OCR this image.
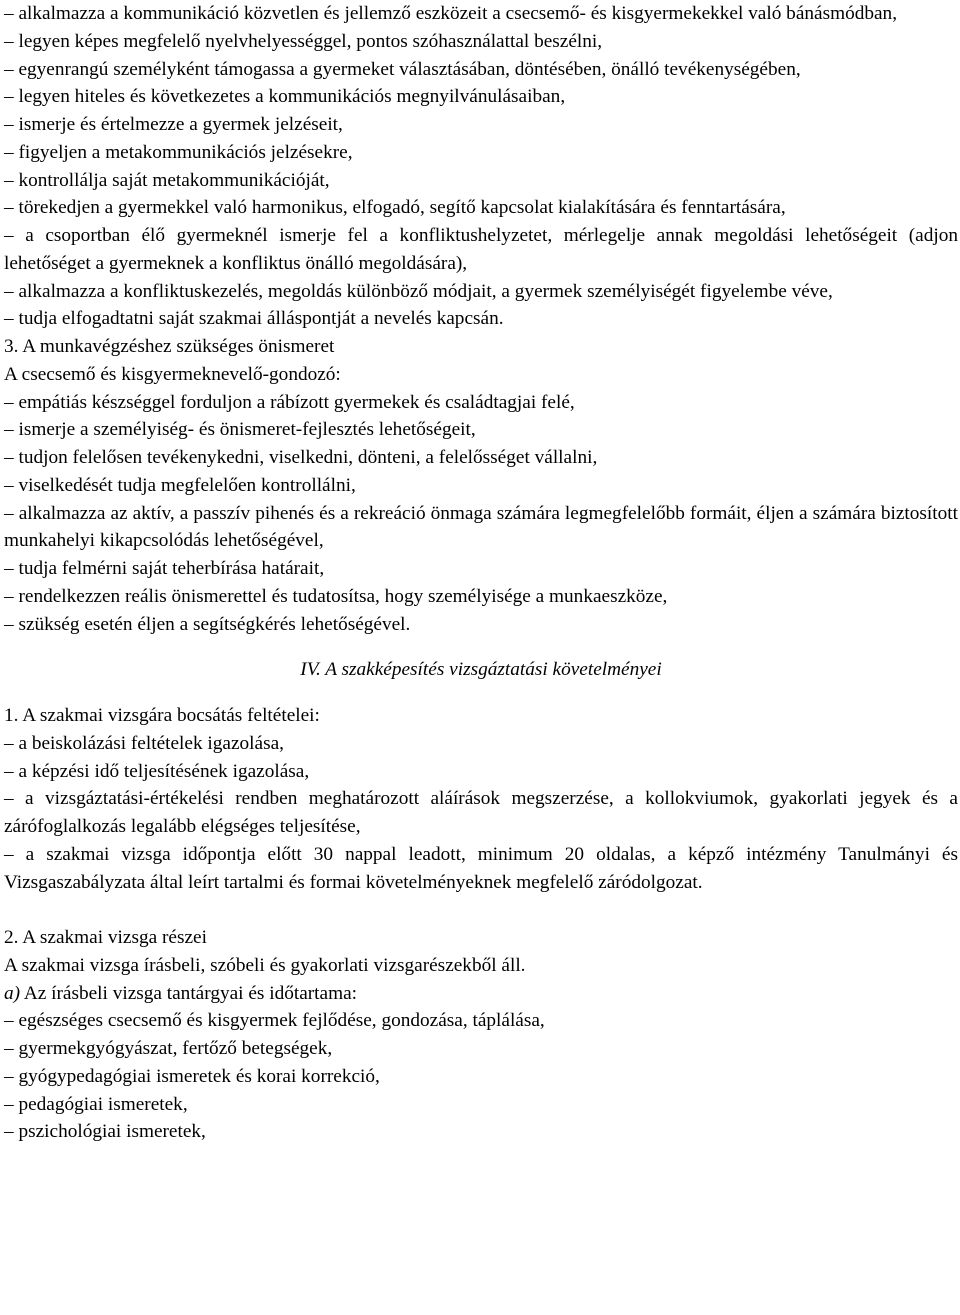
– alkalmazza a kommunikáció közvetlen és jellemző eszközeit a csecsemő- és kisgyermekekkel való bánásmódban,

– legyen képes megfelelő nyelvhelyességgel, pontos szóhasználattal beszélni,

– egyenrangú személyként támogassa a gyermeket választásában, döntésében, önálló tevékenységében,

– legyen hiteles és következetes a kommunikációs megnyilvánulásaiban,

– ismerje és értelmezze a gyermek jelzéseit,

– figyeljen a metakommunikációs jelzésekre,

– kontrollálja saját metakommunikációját,

– törekedjen a gyermekkel való harmonikus, elfogadó, segítő kapcsolat kialakítására és fenntartására,

– a csoportban élő gyermeknél ismerje fel a konfliktushelyzetet, mérlegelje annak megoldási lehetőségeit (adjon lehetőséget a gyermeknek a konfliktus önálló megoldására),

– alkalmazza a konfliktuskezelés, megoldás különböző módjait, a gyermek személyiségét figyelembe véve,

– tudja elfogadtatni saját szakmai álláspontját a nevelés kapcsán.

3. A munkavégzéshez szükséges önismeret

A csecsemő és kisgyermeknevelő-gondozó:

– empátiás készséggel forduljon a rábízott gyermekek és családtagjai felé,

– ismerje a személyiség- és önismeret-fejlesztés lehetőségeit,

– tudjon felelősen tevékenykedni, viselkedni, dönteni, a felelősséget vállalni,

– viselkedését tudja megfelelően kontrollálni,

– alkalmazza az aktív, a passzív pihenés és a rekreáció önmaga számára legmegfelelőbb formáit, éljen a számára biztosított munkahelyi kikapcsolódás lehetőségével,

– tudja felmérni saját teherbírása határait,

– rendelkezzen reális önismerettel és tudatosítsa, hogy személyisége a munkaeszköze,

– szükség esetén éljen a segítségkérés lehetőségével.

IV. A szakképesítés vizsgáztatási követelményei

1. A szakmai vizsgára bocsátás feltételei:

– a beiskolázási feltételek igazolása,

– a képzési idő teljesítésének igazolása,

– a vizsgáztatási-értékelési rendben meghatározott aláírások megszerzése, a kollokviumok, gyakorlati jegyek és a zárófoglalkozás legalább elégséges teljesítése,

– a szakmai vizsga időpontja előtt 30 nappal leadott, minimum 20 oldalas, a képző intézmény Tanulmányi és Vizsgaszabályzata által leírt tartalmi és formai követelményeknek megfelelő záródolgozat.

2. A szakmai vizsga részei

A szakmai vizsga írásbeli, szóbeli és gyakorlati vizsgarészekből áll.

a) Az írásbeli vizsga tantárgyai és időtartama:

– egészséges csecsemő és kisgyermek fejlődése, gondozása, táplálása,

– gyermekgyógyászat, fertőző betegségek,

– gyógypedagógiai ismeretek és korai korrekció,

– pedagógiai ismeretek,

– pszichológiai ismeretek,
